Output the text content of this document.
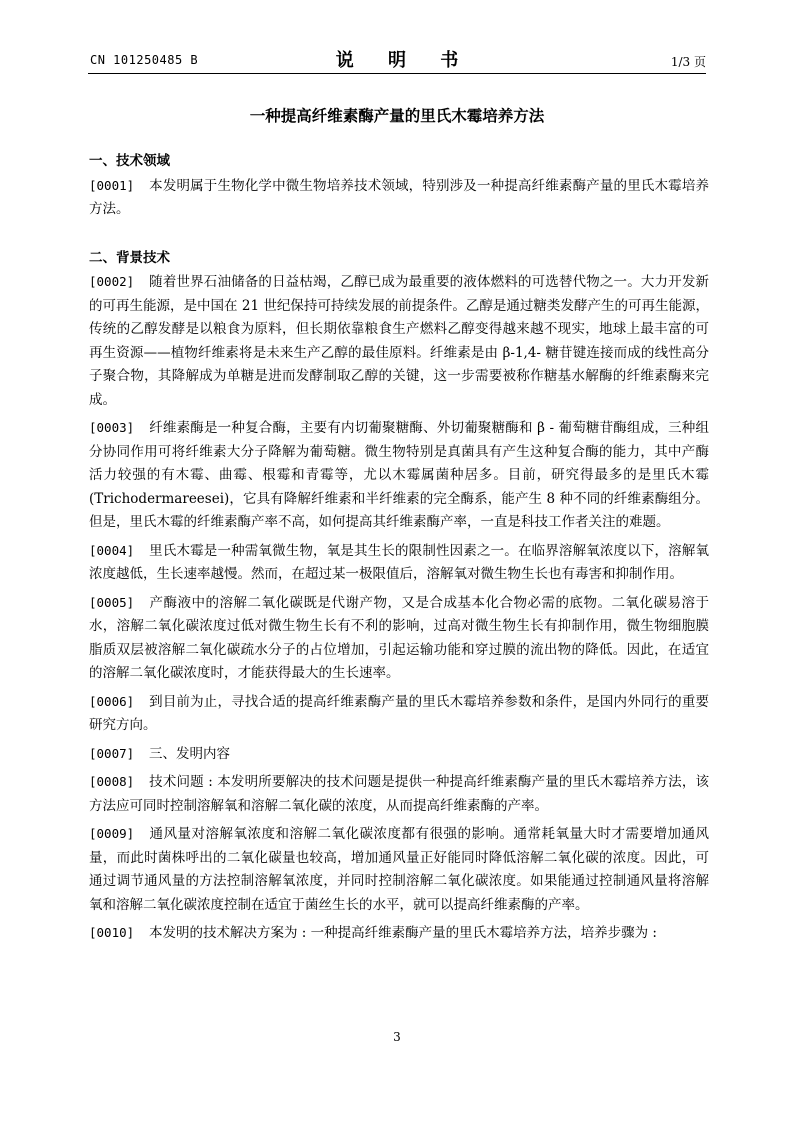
CN 101250485 B	说 明 书	1/3 页
一种提高纤维素酶产量的里氏木霉培养方法
一、技术领域
[0001] 本发明属于生物化学中微生物培养技术领域，特别涉及一种提高纤维素酶产量的里氏木霉培养方法。
二、背景技术
[0002] 随着世界石油储备的日益枯竭，乙醇已成为最重要的液体燃料的可选替代物之一。大力开发新的可再生能源，是中国在 21 世纪保持可持续发展的前提条件。乙醇是通过糖类发酵产生的可再生能源，传统的乙醇发酵是以粮食为原料，但长期依靠粮食生产燃料乙醇变得越来越不现实，地球上最丰富的可再生资源——植物纤维素将是未来生产乙醇的最佳原料。纤维素是由 β-1,4- 糖苷键连接而成的线性高分子聚合物，其降解成为单糖是进而发酵制取乙醇的关键，这一步需要被称作糖基水解酶的纤维素酶来完成。
[0003] 纤维素酶是一种复合酶，主要有内切葡聚糖酶、外切葡聚糖酶和 β - 葡萄糖苷酶组成，三种组分协同作用可将纤维素大分子降解为葡萄糖。微生物特别是真菌具有产生这种复合酶的能力，其中产酶活力较强的有木霉、曲霉、根霉和青霉等，尤以木霉属菌种居多。目前，研究得最多的是里氏木霉 (Trichodermareesei)，它具有降解纤维素和半纤维素的完全酶系，能产生 8 种不同的纤维素酶组分。但是，里氏木霉的纤维素酶产率不高，如何提高其纤维素酶产率，一直是科技工作者关注的难题。
[0004] 里氏木霉是一种需氧微生物，氧是其生长的限制性因素之一。在临界溶解氧浓度以下，溶解氧浓度越低，生长速率越慢。然而，在超过某一极限值后，溶解氧对微生物生长也有毒害和抑制作用。
[0005] 产酶液中的溶解二氧化碳既是代谢产物，又是合成基本化合物必需的底物。二氧化碳易溶于水，溶解二氧化碳浓度过低对微生物生长有不利的影响，过高对微生物生长有抑制作用，微生物细胞膜脂质双层被溶解二氧化碳疏水分子的占位增加，引起运输功能和穿过膜的流出物的降低。因此，在适宜的溶解二氧化碳浓度时，才能获得最大的生长速率。
[0006] 到目前为止，寻找合适的提高纤维素酶产量的里氏木霉培养参数和条件，是国内外同行的重要研究方向。
[0007] 三、发明内容
[0008] 技术问题 : 本发明所要解决的技术问题是提供一种提高纤维素酶产量的里氏木霉培养方法，该方法应可同时控制溶解氧和溶解二氧化碳的浓度，从而提高纤维素酶的产率。
[0009] 通风量对溶解氧浓度和溶解二氧化碳浓度都有很强的影响。通常耗氧量大时才需要增加通风量，而此时菌株呼出的二氧化碳量也较高，增加通风量正好能同时降低溶解二氧化碳的浓度。因此，可通过调节通风量的方法控制溶解氧浓度，并同时控制溶解二氧化碳浓度。如果能通过控制通风量将溶解氧和溶解二氧化碳浓度控制在适宜于菌丝生长的水平，就可以提高纤维素酶的产率。
[0010] 本发明的技术解决方案为 : 一种提高纤维素酶产量的里氏木霉培养方法，培养步骤为 :
3
